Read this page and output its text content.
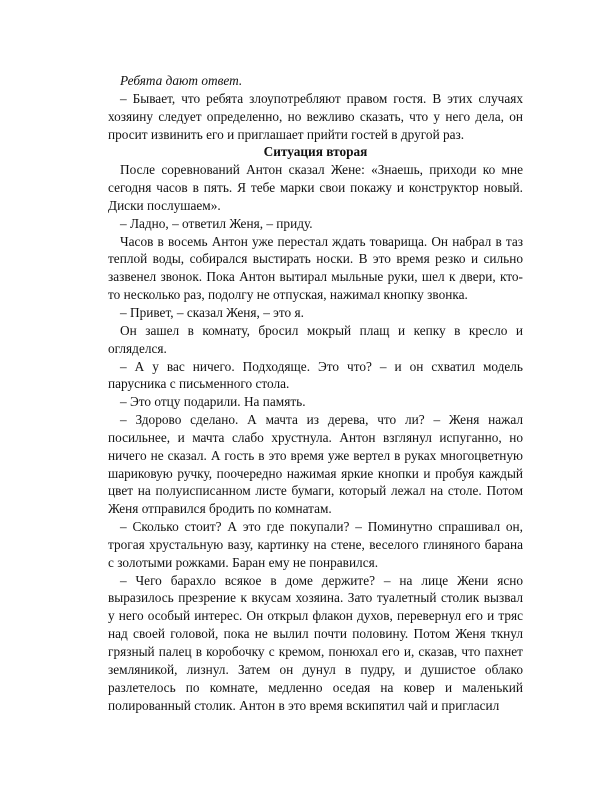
Ребята дают ответ.

– Бывает, что ребята злоупотребляют правом гостя. В этих случаях хозяину следует определенно, но вежливо сказать, что у него дела, он просит извинить его и приглашает прийти гостей в другой раз.

Ситуация вторая

После соревнований Антон сказал Жене: «Знаешь, приходи ко мне сегодня часов в пять. Я тебе марки свои покажу и конструктор новый. Диски послушаем».

– Ладно, – ответил Женя, – приду.

Часов в восемь Антон уже перестал ждать товарища. Он набрал в таз теплой воды, собирался выстирать носки. В это время резко и сильно зазвенел звонок. Пока Антон вытирал мыльные руки, шел к двери, кто-то несколько раз, подолгу не отпуская, нажимал кнопку звонка.

– Привет, – сказал Женя, – это я.

Он зашел в комнату, бросил мокрый плащ и кепку в кресло и огляделся.

– А у вас ничего. Подходяще. Это что? – и он схватил модель парусника с письменного стола.

– Это отцу подарили. На память.

– Здорово сделано. А мачта из дерева, что ли? – Женя нажал посильнее, и мачта слабо хрустнула. Антон взглянул испуганно, но ничего не сказал. А гость в это время уже вертел в руках многоцветную шариковую ручку, поочередно нажимая яркие кнопки и пробуя каждый цвет на полуисписанном листе бумаги, который лежал на столе. Потом Женя отправился бродить по комнатам.

– Сколько стоит? А это где покупали? – Поминутно спрашивал он, трогая хрустальную вазу, картинку на стене, веселого глиняного барана с золотыми рожками. Баран ему не понравился.

– Чего барахло всякое в доме держите? – на лице Жени ясно выразилось презрение к вкусам хозяина. Зато туалетный столик вызвал у него особый интерес. Он открыл флакон духов, перевернул его и тряс над своей головой, пока не вылил почти половину. Потом Женя ткнул грязный палец в коробочку с кремом, понюхал его и, сказав, что пахнет земляникой, лизнул. Затем он дунул в пудру, и душистое облако разлетелось по комнате, медленно оседая на ковер и маленький полированный столик. Антон в это время вскипятил чай и пригласил
